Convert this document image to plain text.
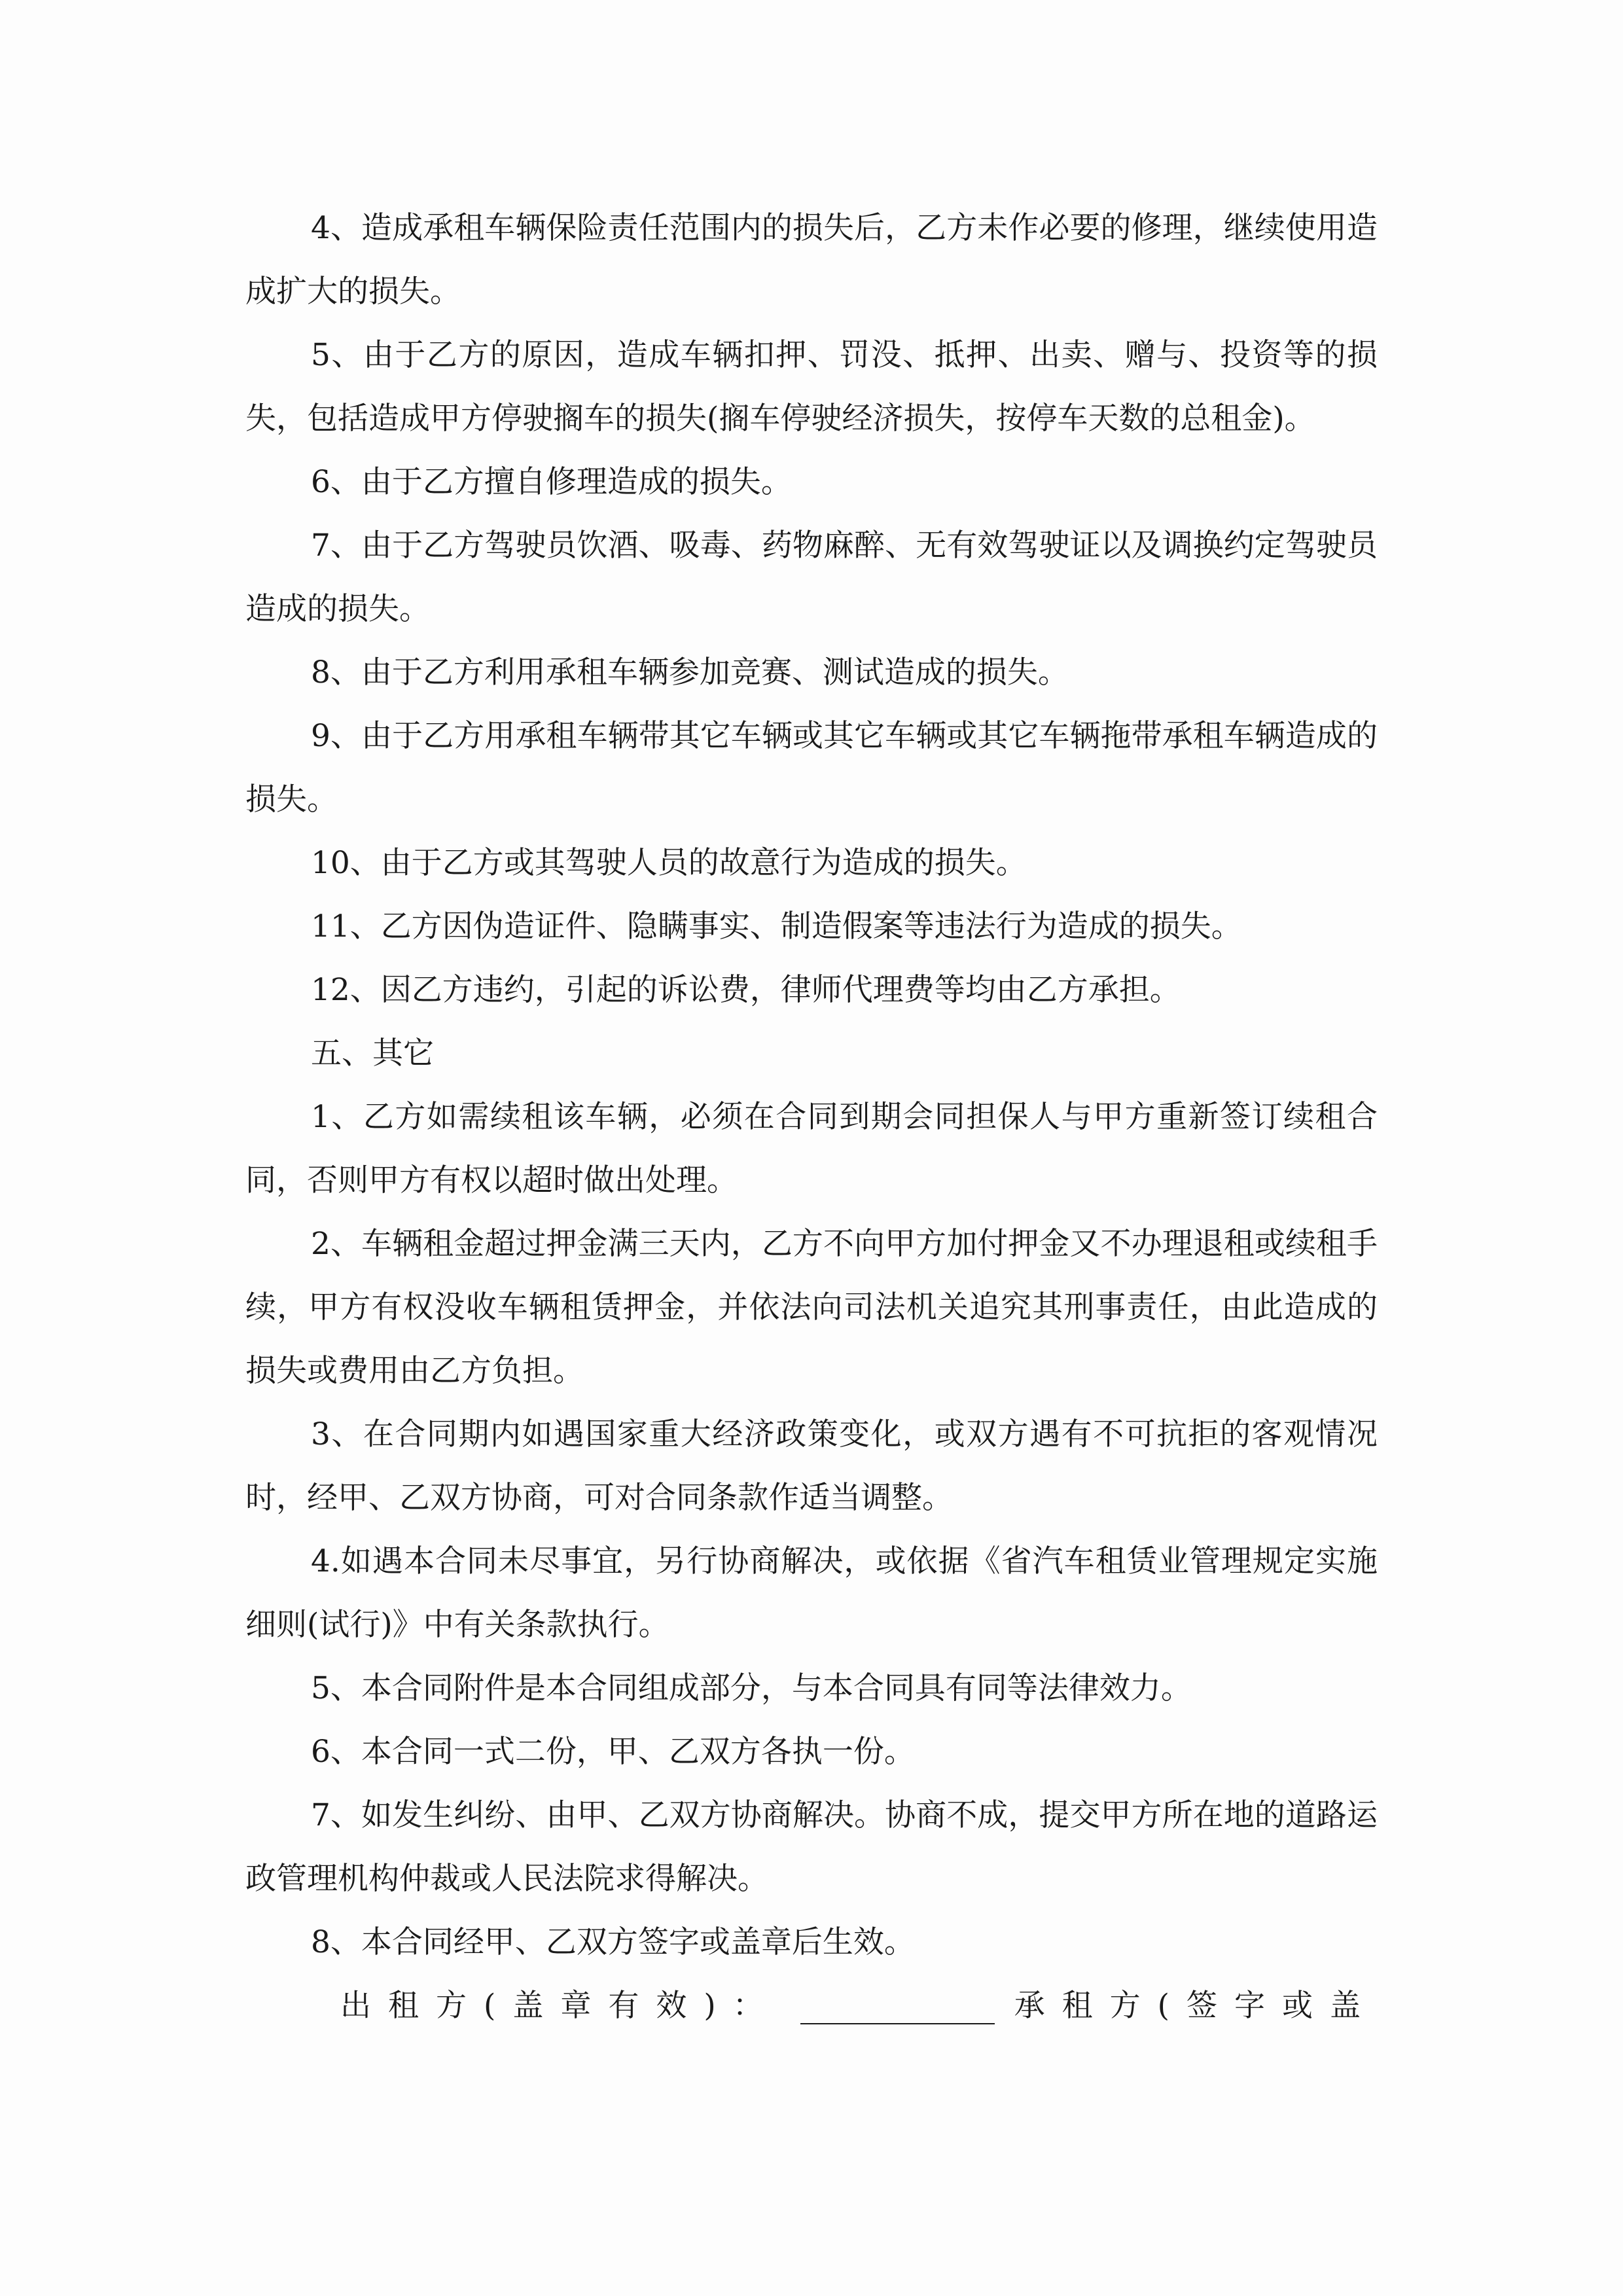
4、造成承租车辆保险责任范围内的损失后，乙方未作必要的修理，继续使用造成扩大的损失。

5、由于乙方的原因，造成车辆扣押、罚没、抵押、出卖、赠与、投资等的损失，包括造成甲方停驶搁车的损失(搁车停驶经济损失，按停车天数的总租金)。

6、由于乙方擅自修理造成的损失。

7、由于乙方驾驶员饮酒、吸毒、药物麻醉、无有效驾驶证以及调换约定驾驶员造成的损失。

8、由于乙方利用承租车辆参加竞赛、测试造成的损失。

9、由于乙方用承租车辆带其它车辆或其它车辆或其它车辆拖带承租车辆造成的损失。

10、由于乙方或其驾驶人员的故意行为造成的损失。

11、乙方因伪造证件、隐瞒事实、制造假案等违法行为造成的损失。

12、因乙方违约，引起的诉讼费，律师代理费等均由乙方承担。

五、其它

1、乙方如需续租该车辆，必须在合同到期会同担保人与甲方重新签订续租合同，否则甲方有权以超时做出处理。

2、车辆租金超过押金满三天内，乙方不向甲方加付押金又不办理退租或续租手续，甲方有权没收车辆租赁押金，并依法向司法机关追究其刑事责任，由此造成的损失或费用由乙方负担。

3、在合同期内如遇国家重大经济政策变化，或双方遇有不可抗拒的客观情况时，经甲、乙双方协商，可对合同条款作适当调整。

4.如遇本合同未尽事宜，另行协商解决，或依据《省汽车租赁业管理规定实施细则(试行)》中有关条款执行。

5、本合同附件是本合同组成部分，与本合同具有同等法律效力。

6、本合同一式二份，甲、乙双方各执一份。

7、如发生纠纷、由甲、乙双方协商解决。协商不成，提交甲方所在地的道路运政管理机构仲裁或人民法院求得解决。

8、本合同经甲、乙双方签字或盖章后生效。

出租方(盖章有效)：	承租方(签字或盖
